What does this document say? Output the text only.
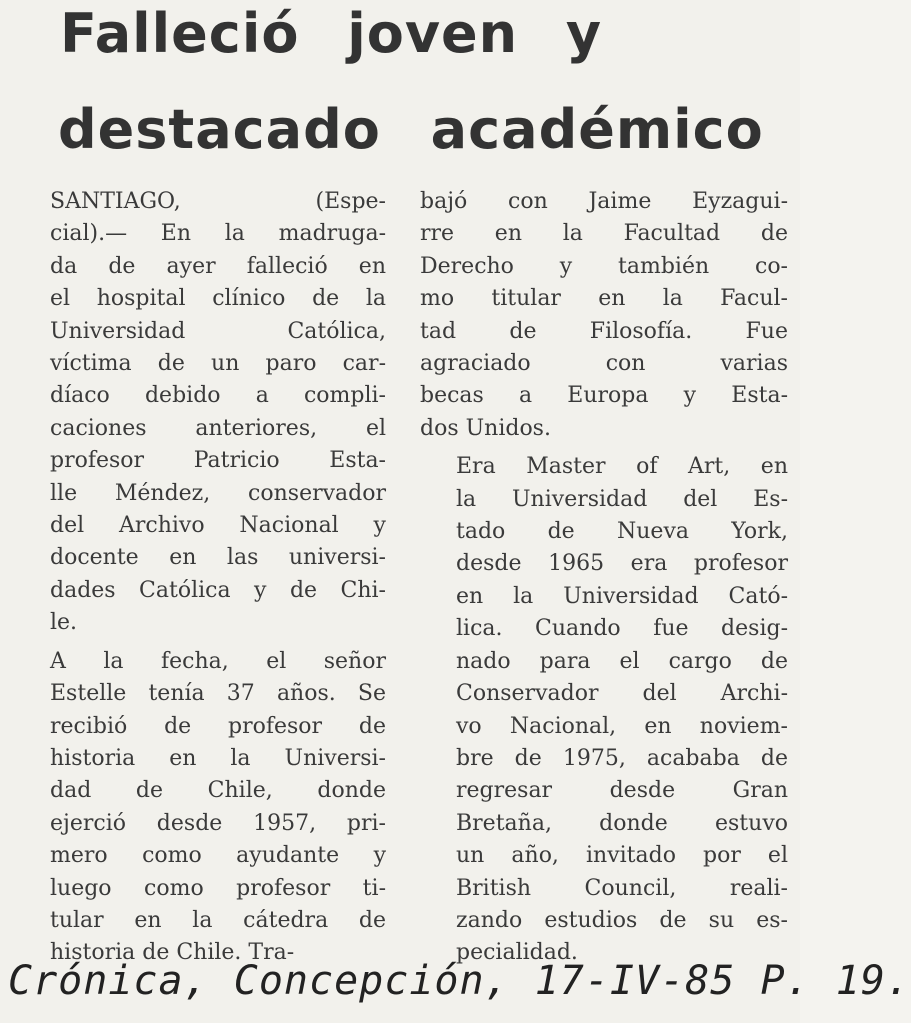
Falleció joven y
destacado académico
SANTIAGO, (Espe-
cial).— En la madruga-
da de ayer falleció en
el hospital clínico de la
Universidad Católica,
víctima de un paro car-
díaco debido a compli-
caciones anteriores, el
profesor Patricio Esta-
lle Méndez, conservador
del Archivo Nacional y
docente en las universi-
dades Católica y de Chi-
le.
A la fecha, el señor
Estelle tenía 37 años. Se
recibió de profesor de
historia en la Universi-
dad de Chile, donde
ejerció desde 1957, pri-
mero como ayudante y
luego como profesor ti-
tular en la cátedra de
historia de Chile. Tra-
bajó con Jaime Eyzagui-
rre en la Facultad de
Derecho y también co-
mo titular en la Facul-
tad de Filosofía. Fue
agraciado con varias
becas a Europa y Esta-
dos Unidos.
Era Master of Art, en
la Universidad del Es-
tado de Nueva York,
desde 1965 era profesor
en la Universidad Cató-
lica. Cuando fue desig-
nado para el cargo de
Conservador del Archi-
vo Nacional, en noviem-
bre de 1975, acababa de
regresar desde Gran
Bretaña, donde estuvo
un año, invitado por el
British Council, reali-
zando estudios de su es-
pecialidad.
Crónica, Concepción, 17-IV-85 P. 19.
